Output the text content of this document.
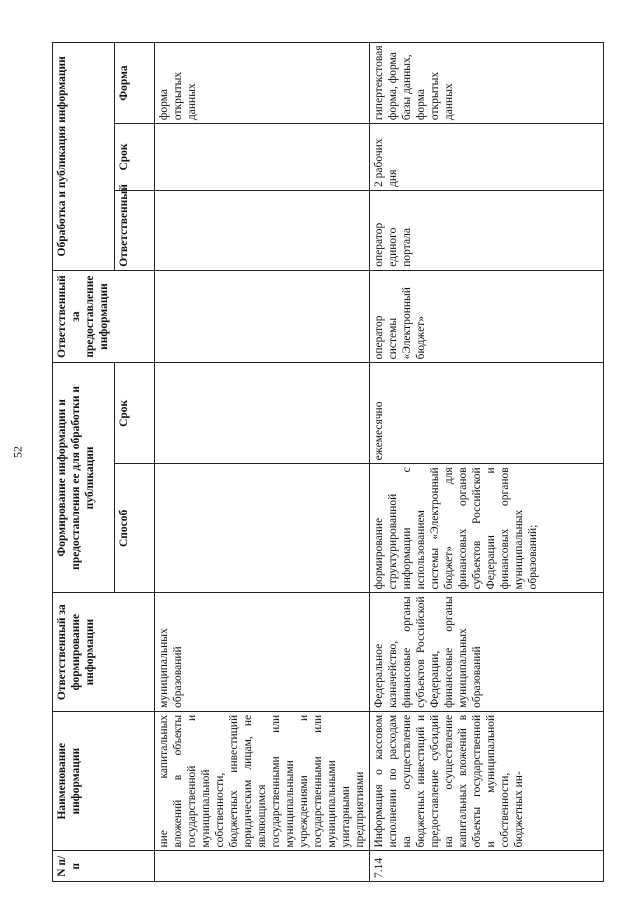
52
N п/п	Наименование информации	Ответственный за формирование информации	Формирование информации и предоставления ее для обработки и публикации		Ответственный за предоставление информации	Обработка и публикация информации		
			Способ	Срок		Ответственный	Срок	Форма
	ние капитальных вложений в объекты государственной и муниципальной собственности, бюджетных инвестиций юридическим лицам, не являющимся государственными или муниципальными учреждениями и государственными или муниципальными унитарными предприятиями	муниципальных образований						форма открытых данных
7.14	Информация о кассовом исполнении по расходам на осуществление бюджетных инвестиций и предоставление субсидий на осуществление капитальных вложений в объекты государственной и муниципальной собственности, бюджетных ин-	Федеральное казначейство, финансовые органы субъектов Российской Федерации, финансовые органы муниципальных образований	формирование структурированной информации с использованием системы «Электронный бюджет» для финансовых органов субъектов Российской Федерации и финансовых органов муниципальных образований;	ежемесячно	оператор системы «Электронный бюджет»	оператор единого портала	2 рабочих дня	гипертекстовая форма, форма базы данных, форма открытых данных
